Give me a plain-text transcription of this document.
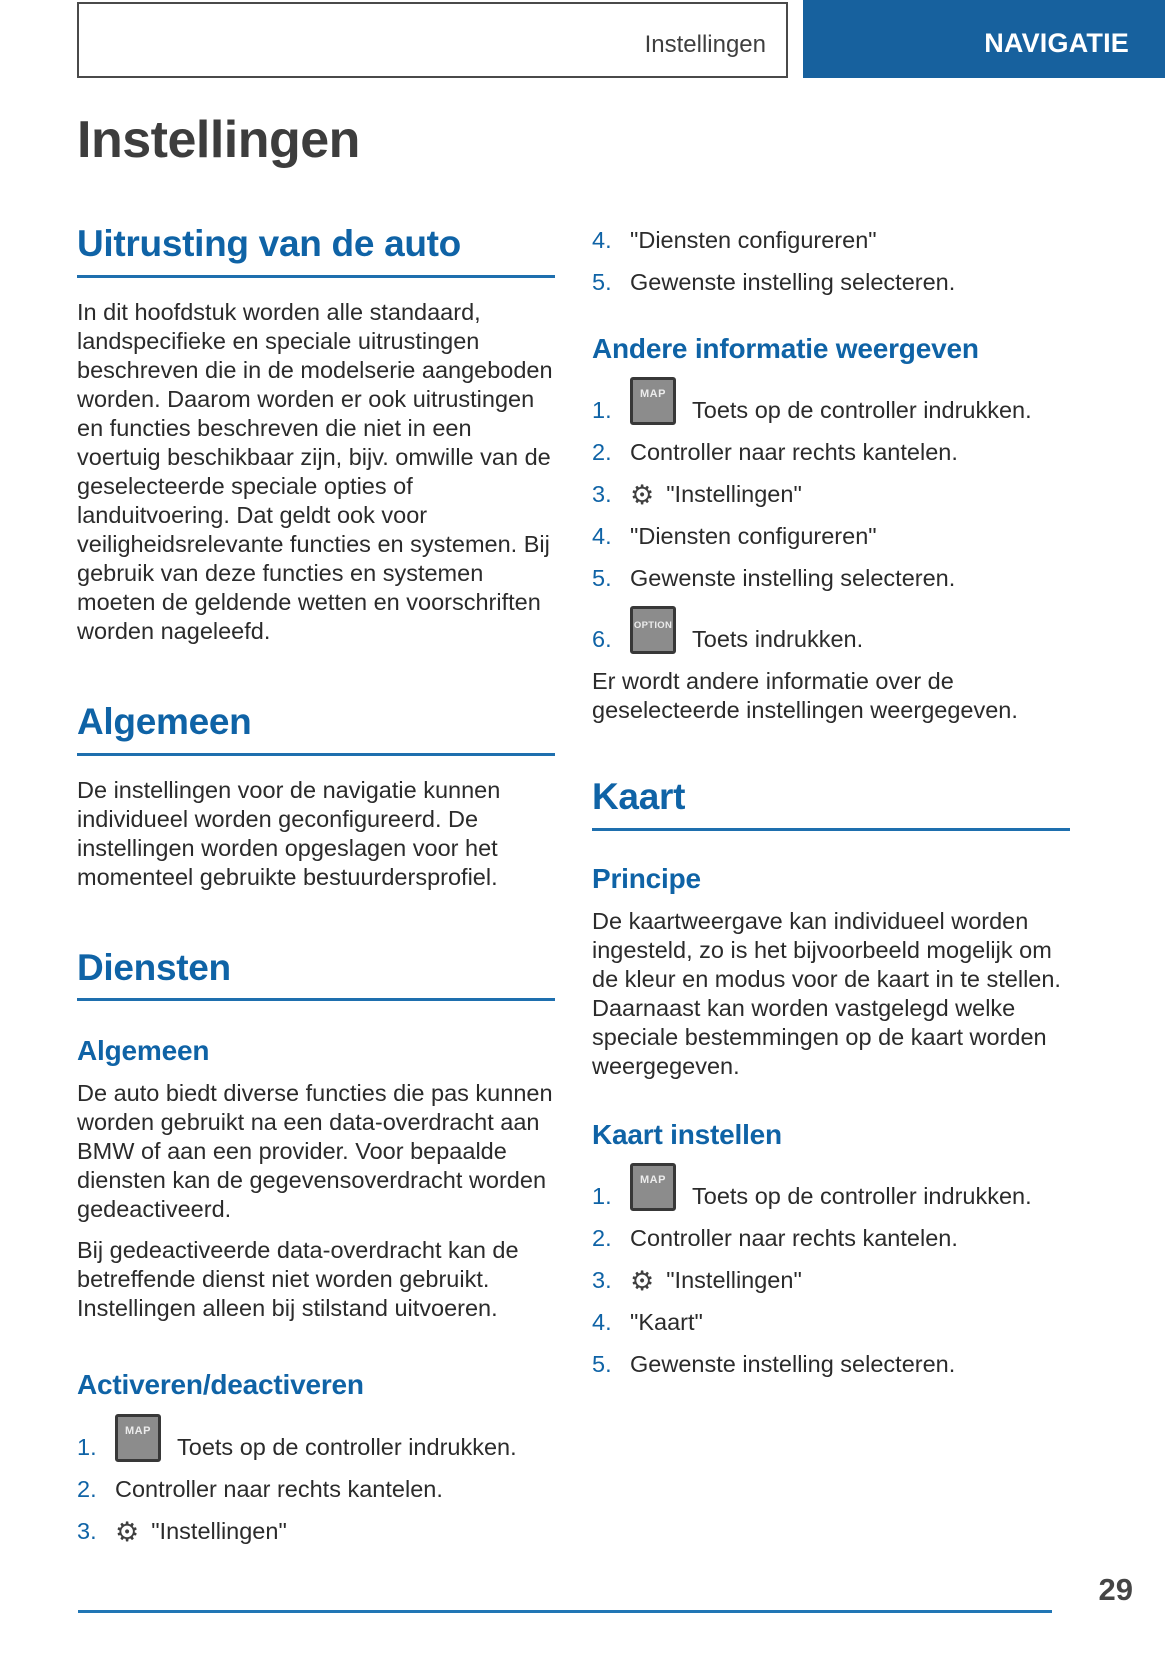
Instellingen	NAVIGATIE
Instellingen
Uitrusting van de auto

In dit hoofdstuk worden alle standaard, landspecifieke en speciale uitrustingen beschreven die in de modelserie aangeboden worden. Daarom worden er ook uitrustingen en functies beschreven die niet in een voertuig beschikbaar zijn, bijv. omwille van de geselecteerde speciale opties of landuitvoering. Dat geldt ook voor veiligheidsrelevante functies en systemen. Bij gebruik van deze functies en systemen moeten de geldende wetten en voorschriften worden nageleefd.

Algemeen

De instellingen voor de navigatie kunnen individueel worden geconfigureerd. De instellingen worden opgeslagen voor het momenteel gebruikte bestuurdersprofiel.

Diensten
Algemeen

De auto biedt diverse functies die pas kunnen worden gebruikt na een data-overdracht aan BMW of aan een provider. Voor bepaalde diensten kan de gegevensoverdracht worden gedeactiveerd.

Bij gedeactiveerde data-overdracht kan de betreffende dienst niet worden gebruikt. Instellingen alleen bij stilstand uitvoeren.

Activeren/deactiveren
1.
MAP
Toets op de controller indrukken.
2. Controller naar rechts kantelen.
3. ⚙ "Instellingen"
4. "Diensten configureren"
5. Gewenste instelling selecteren.
Andere informatie weergeven
1.
MAP
Toets op de controller indrukken.
2. Controller naar rechts kantelen.
3. ⚙ "Instellingen"
4. "Diensten configureren"
5. Gewenste instelling selecteren.
6.
OPTION
Toets indrukken.

Er wordt andere informatie over de geselecteerde instellingen weergegeven.

Kaart
Principe

De kaartweergave kan individueel worden ingesteld, zo is het bijvoorbeeld mogelijk om de kleur en modus voor de kaart in te stellen. Daarnaast kan worden vastgelegd welke speciale bestemmingen op de kaart worden weergegeven.

Kaart instellen
1.
MAP
Toets op de controller indrukken.
2. Controller naar rechts kantelen.
3. ⚙ "Instellingen"
4. "Kaart"
5. Gewenste instelling selecteren.
29
